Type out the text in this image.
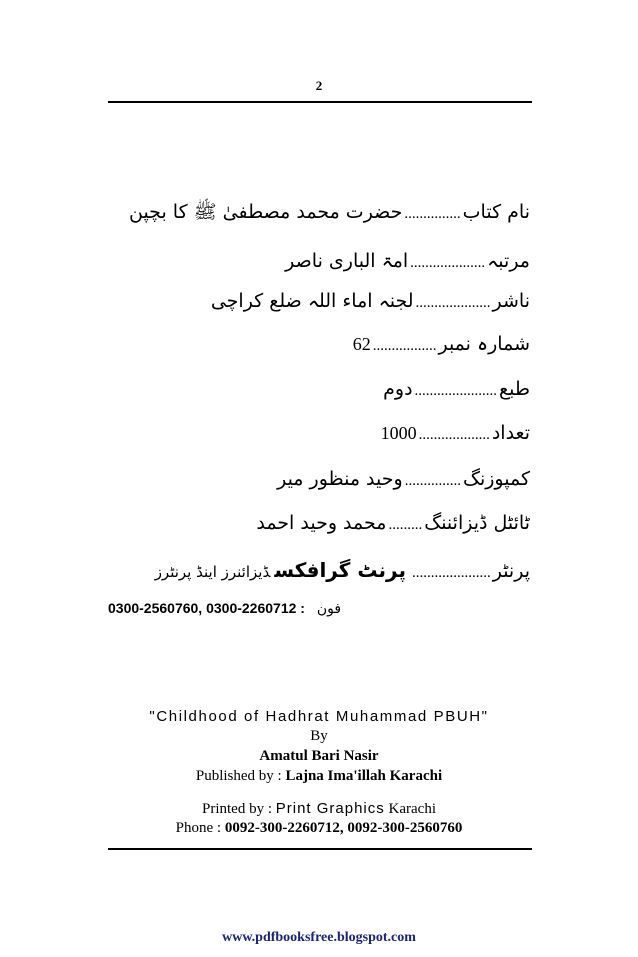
2
نام کتاب...............حضرت محمد مصطفیٰ ﷺ کا بچپن
مرتبہ....................امۃ الباری ناصر
ناشر....................لجنہ اماء اللہ ضلع کراچی
شمارہ نمبر.................62
طبع......................دوم
تعداد...................1000
کمپوزنگ...............وحید منظور میر
ٹائٹل ڈیزائننگ.........محمد وحید احمد
پرنٹر.....................پرنٹ گرافکسڈیزائنرز اینڈ پرنٹرز
0300-2560760, 0300-2260712 : فون
"Childhood of Hadhrat Muhammad PBUH"
By
Amatul Bari Nasir
Published by : Lajna Ima'illah Karachi
Printed by : Print Graphics Karachi
Phone : 0092-300-2260712, 0092-300-2560760
www.pdfbooksfree.blogspot.com
